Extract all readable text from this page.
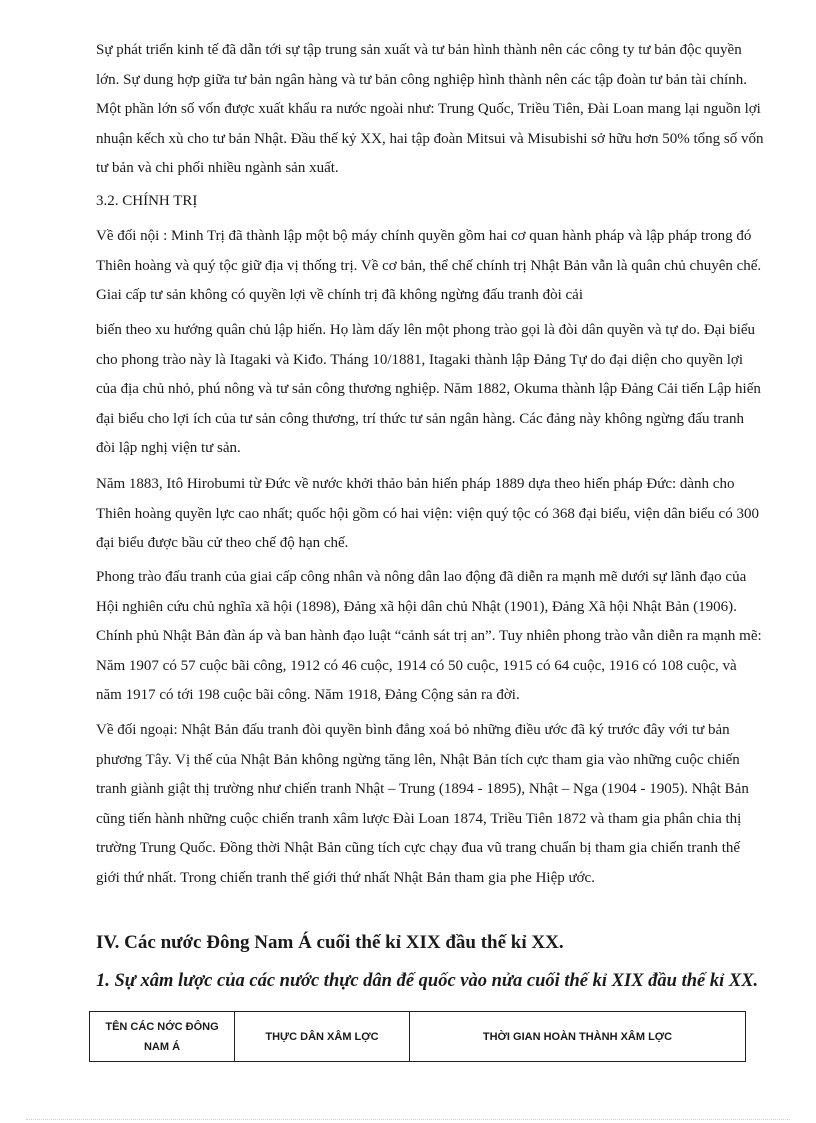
Sự phát triển kinh tế đã dẫn tới sự tập trung sản xuất và tư bản hình thành nên các công ty tư bản độc quyền lớn. Sự dung hợp giữa tư bản ngân hàng và tư bản công nghiệp hình thành nên các tập đoàn tư bản tài chính. Một phần lớn số vốn được xuất khẩu ra nước ngoài như: Trung Quốc, Triều Tiên, Đài Loan mang lại nguồn lợi nhuận kếch xù cho tư bản Nhật. Đầu thế kỷ XX, hai tập đoàn Mitsui và Misubishi sở hữu hơn 50% tổng số vốn tư bản và chi phối nhiều ngành sản xuất.

3.2. CHÍNH TRỊ

Về đối nội : Minh Trị đã thành lập một bộ máy chính quyền gồm hai cơ quan hành pháp và lập pháp trong đó Thiên hoàng và quý tộc giữ địa vị thống trị. Về cơ bản, thể chế chính trị Nhật Bản vẫn là quân chủ chuyên chế. Giai cấp tư sản không có quyền lợi về chính trị đã không ngừng đấu tranh đòi cải

biến theo xu hướng quân chủ lập hiến. Họ làm dấy lên một phong trào gọi là đòi dân quyền và tự do. Đại biểu cho phong trào này là Itagaki và Kiđo. Tháng 10/1881, Itagaki thành lập Đảng Tự do đại diện cho quyền lợi của địa chủ nhỏ, phú nông và tư sản công thương nghiệp. Năm 1882, Okuma thành lập Đảng Cải tiến Lập hiến đại biểu cho lợi ích của tư sản công thương, trí thức tư sản ngân hàng. Các đảng này không ngừng đấu tranh đòi lập nghị viện tư sản.

Năm 1883, Itô Hirobumi từ Đức về nước khởi thảo bản hiến pháp 1889 dựa theo hiến pháp Đức: dành cho Thiên hoàng quyền lực cao nhất; quốc hội gồm có hai viện: viện quý tộc có 368 đại biểu, viện dân biểu có 300 đại biểu được bầu cử theo chế độ hạn chế.

Phong trào đấu tranh của giai cấp công nhân và nông dân lao động đã diễn ra mạnh mẽ dưới sự lãnh đạo của Hội nghiên cứu chủ nghĩa xã hội (1898), Đảng xã hội dân chủ Nhật (1901), Đảng Xã hội Nhật Bản (1906). Chính phủ Nhật Bản đàn áp và ban hành đạo luật “cảnh sát trị an”. Tuy nhiên phong trào vẫn diễn ra mạnh mẽ: Năm 1907 có 57 cuộc bãi công, 1912 có 46 cuộc, 1914 có 50 cuộc, 1915 có 64 cuộc, 1916 có 108 cuộc, và năm 1917 có tới 198 cuộc bãi công. Năm 1918, Đảng Cộng sản ra đời.

Về đối ngoại: Nhật Bản đấu tranh đòi quyền bình đẳng xoá bỏ những điều ước đã ký trước đây với tư bản phương Tây. Vị thế của Nhật Bản không ngừng tăng lên, Nhật Bản tích cực tham gia vào những cuộc chiến tranh giành giật thị trường như chiến tranh Nhật – Trung (1894 - 1895), Nhật – Nga (1904 - 1905). Nhật Bản cũng tiến hành những cuộc chiến tranh xâm lược Đài Loan 1874, Triều Tiên 1872 và tham gia phân chia thị trường Trung Quốc. Đồng thời Nhật Bản cũng tích cực chạy đua vũ trang chuẩn bị tham gia chiến tranh thế giới thứ nhất. Trong chiến tranh thế giới thứ nhất Nhật Bản tham gia phe Hiệp ước.

IV. Các nước Đông Nam Á cuối thế kỉ XIX đầu thế kỉ XX.
1. Sự xâm lược của các nước thực dân đế quốc vào nửa cuối thế kỉ XIX đầu thế kỉ XX.
TÊN CÁC NỚC ĐÔNG NAM Á	THỰC DÂN XÂM LỢC	THỜI GIAN HOÀN THÀNH XÂM LỢC
